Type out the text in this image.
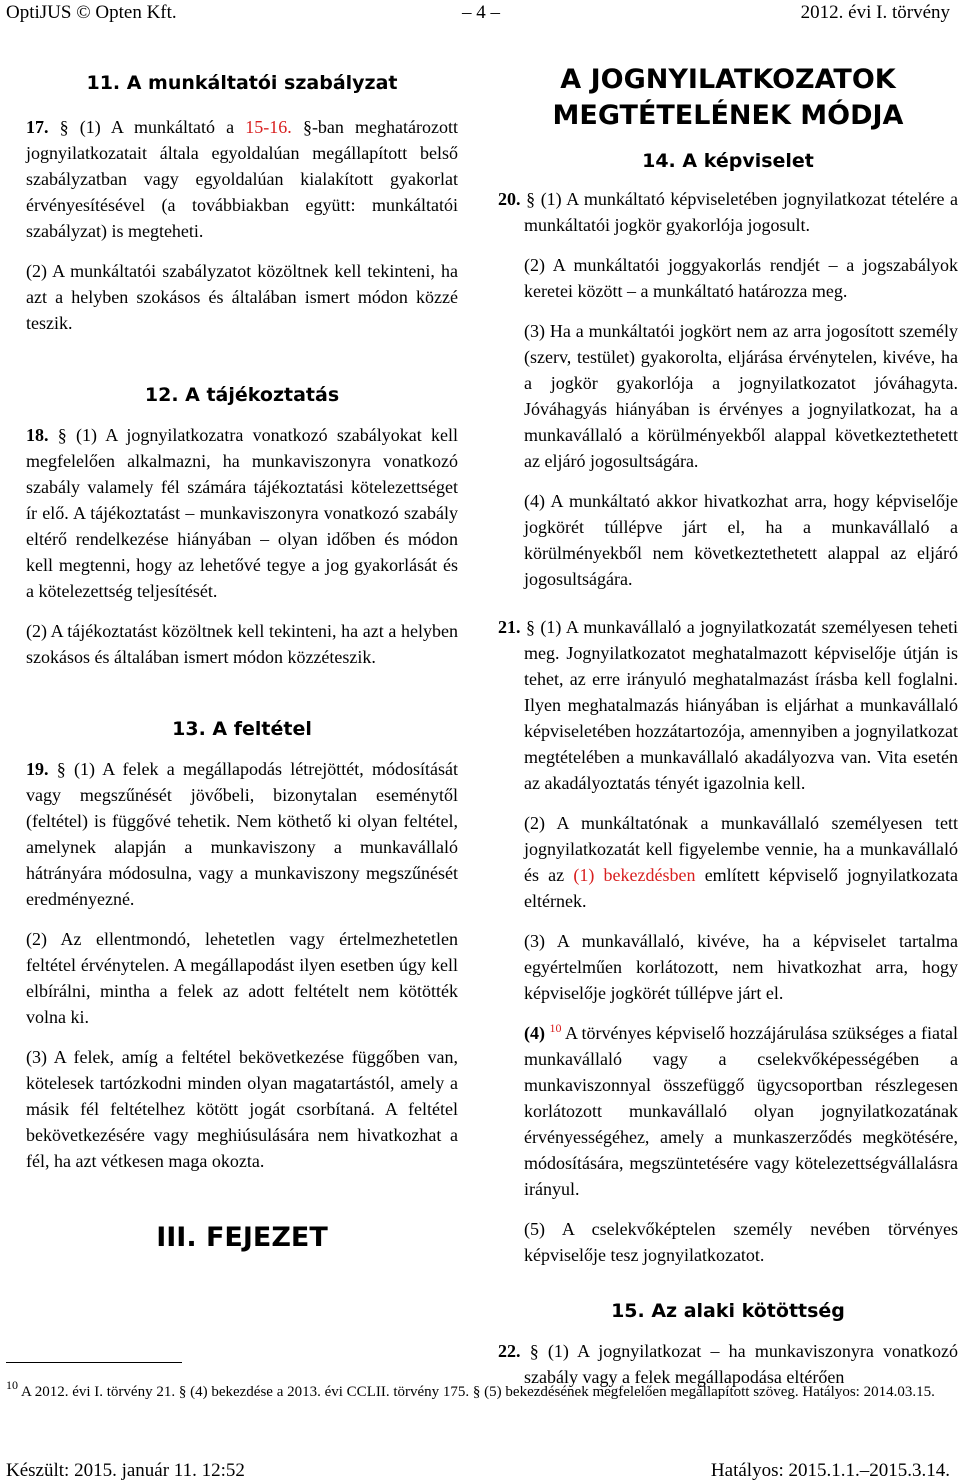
OptiJUS © Opten Kft.	– 4 –	2012. évi I. törvény
11. A munkáltatói szabályzat

17. § (1) A munkáltató a 15-16. §-ban meghatározott jognyilatkozatait általa egyoldalúan megállapított belső szabályzatban vagy egyoldalúan kialakított gyakorlat érvényesítésével (a továbbiakban együtt: munkáltatói szabályzat) is megteheti.

(2) A munkáltatói szabályzatot közöltnek kell tekinteni, ha azt a helyben szokásos és általában ismert módon közzé teszik.

12. A tájékoztatás

18. § (1) A jognyilatkozatra vonatkozó szabályokat kell megfelelően alkalmazni, ha munkaviszonyra vonatkozó szabály valamely fél számára tájékoztatási kötelezettséget ír elő. A tájékoztatást – munkaviszonyra vonatkozó szabály eltérő rendelkezése hiányában – olyan időben és módon kell megtenni, hogy az lehetővé tegye a jog gyakorlását és a kötelezettség teljesítését.

(2) A tájékoztatást közöltnek kell tekinteni, ha azt a helyben szokásos és általában ismert módon közzéteszik.

13. A feltétel

19. § (1) A felek a megállapodás létrejöttét, módosítását vagy megszűnését jövőbeli, bizonytalan eseménytől (feltétel) is függővé tehetik. Nem köthető ki olyan feltétel, amelynek alapján a munkaviszony a munkavállaló hátrányára módosulna, vagy a munkaviszony megszűnését eredményezné.

(2) Az ellentmondó, lehetetlen vagy értelmezhetetlen feltétel érvénytelen. A megállapodást ilyen esetben úgy kell elbírálni, mintha a felek az adott feltételt nem kötötték volna ki.

(3) A felek, amíg a feltétel bekövetkezése függőben van, kötelesek tartózkodni minden olyan magatartástól, amely a másik fél feltételhez kötött jogát csorbítaná. A feltétel bekövetkezésére vagy meghiúsulására nem hivatkozhat a fél, ha azt vétkesen maga okozta.

III. FEJEZET
A JOGNYILATKOZATOK MEGTÉTELÉNEK MÓDJA
14. A képviselet

20. § (1) A munkáltató képviseletében jognyilatkozat tételére a munkáltatói jogkör gyakorlója jogosult.

(2) A munkáltatói joggyakorlás rendjét – a jogszabályok keretei között – a munkáltató határozza meg.

(3) Ha a munkáltatói jogkört nem az arra jogosított személy (szerv, testület) gyakorolta, eljárása érvénytelen, kivéve, ha a jogkör gyakorlója a jognyilatkozatot jóváhagyta. Jóváhagyás hiányában is érvényes a jognyilatkozat, ha a munkavállaló a körülményekből alappal következtethetett az eljáró jogosultságára.

(4) A munkáltató akkor hivatkozhat arra, hogy képviselője jogkörét túllépve járt el, ha a munkavállaló a körülményekből nem következtethetett alappal az eljáró jogosultságára.

21. § (1) A munkavállaló a jognyilatkozatát személyesen teheti meg. Jognyilatkozatot meghatalmazott képviselője útján is tehet, az erre irányuló meghatalmazást írásba kell foglalni. Ilyen meghatalmazás hiányában is eljárhat a munkavállaló képviseletében hozzátartozója, amennyiben a jognyilatkozat megtételében a munkavállaló akadályozva van. Vita esetén az akadályoztatás tényét igazolnia kell.

(2) A munkáltatónak a munkavállaló személyesen tett jognyilatkozatát kell figyelembe vennie, ha a munkavállaló és az (1) bekezdésben említett képviselő jognyilatkozata eltérnek.

(3) A munkavállaló, kivéve, ha a képviselet tartalma egyértelműen korlátozott, nem hivatkozhat arra, hogy képviselője jogkörét túllépve járt el.

(4) $^{10}$ A törvényes képviselő hozzájárulása szükséges a fiatal munkavállaló vagy a cselekvőképességében a munkaviszonnyal összefüggő ügycsoportban részlegesen korlátozott munkavállaló olyan jognyilatkozatának érvényességéhez, amely a munkaszerződés megkötésére, módosítására, megszüntetésére vagy kötelezettségvállalásra irányul.

(5) A cselekvőképtelen személy nevében törvényes képviselője tesz jognyilatkozatot.

15. Az alaki kötöttség

22. § (1) A jognyilatkozat – ha munkaviszonyra vonatkozó szabály vagy a felek megállapodása eltérően

$^{10}$ A 2012. évi I. törvény 21. § (4) bekezdése a 2013. évi CCLII. törvény 175. § (5) bekezdésének megfelelően megállapított szöveg. Hatályos: 2014.03.15.
Készült: 2015. január 11. 12:52	Hatályos: 2015.1.1.–2015.3.14.
